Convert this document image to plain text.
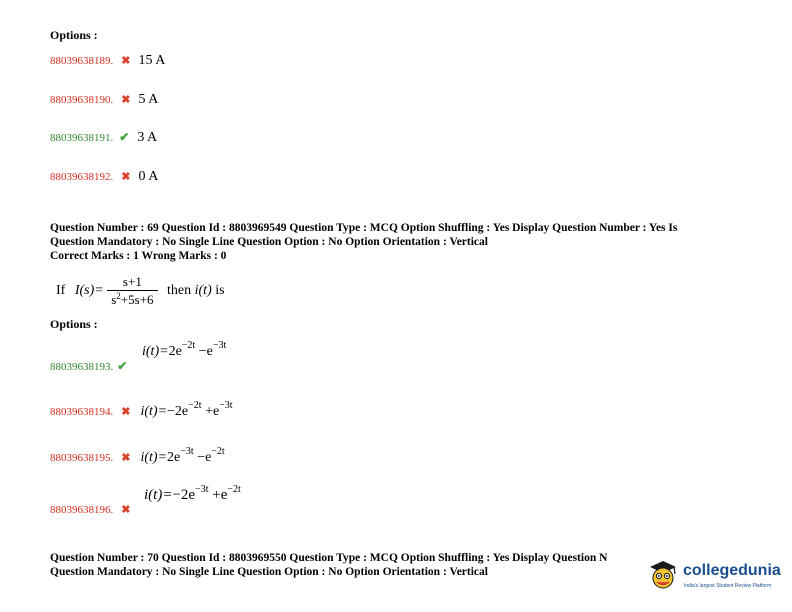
Options :
88039638189. ✖ 15 A
88039638190. ✖ 5 A
88039638191. ✔ 3 A
88039638192. ✖ 0 A
Question Number : 69 Question Id : 8803969549 Question Type : MCQ Option Shuffling : Yes Display Question Number : Yes Is
Question Mandatory : No Single Line Question Option : No Option Orientation : Vertical
Correct Marks : 1 Wrong Marks : 0
If $I(s)= \frac{s+1}{s^2+5s+6}$ then i(t) is
Options :
$i(t)=2e^{-2t} -e^{-3t}$
88039638193. ✔
88039638194. ✖ $i(t)=-2e^{-2t} +e^{-3t}$
88039638195. ✖ $i(t)=2e^{-3t} -e^{-2t}$
$i(t)=-2e^{-3t} +e^{-2t}$
88039638196. ✖
Question Number : 70 Question Id : 8803969550 Question Type : MCQ Option Shuffling : Yes Display Question N
Question Mandatory : No Single Line Question Option : No Option Orientation : Vertical	collegedunia
India's largest Student Review Platform
